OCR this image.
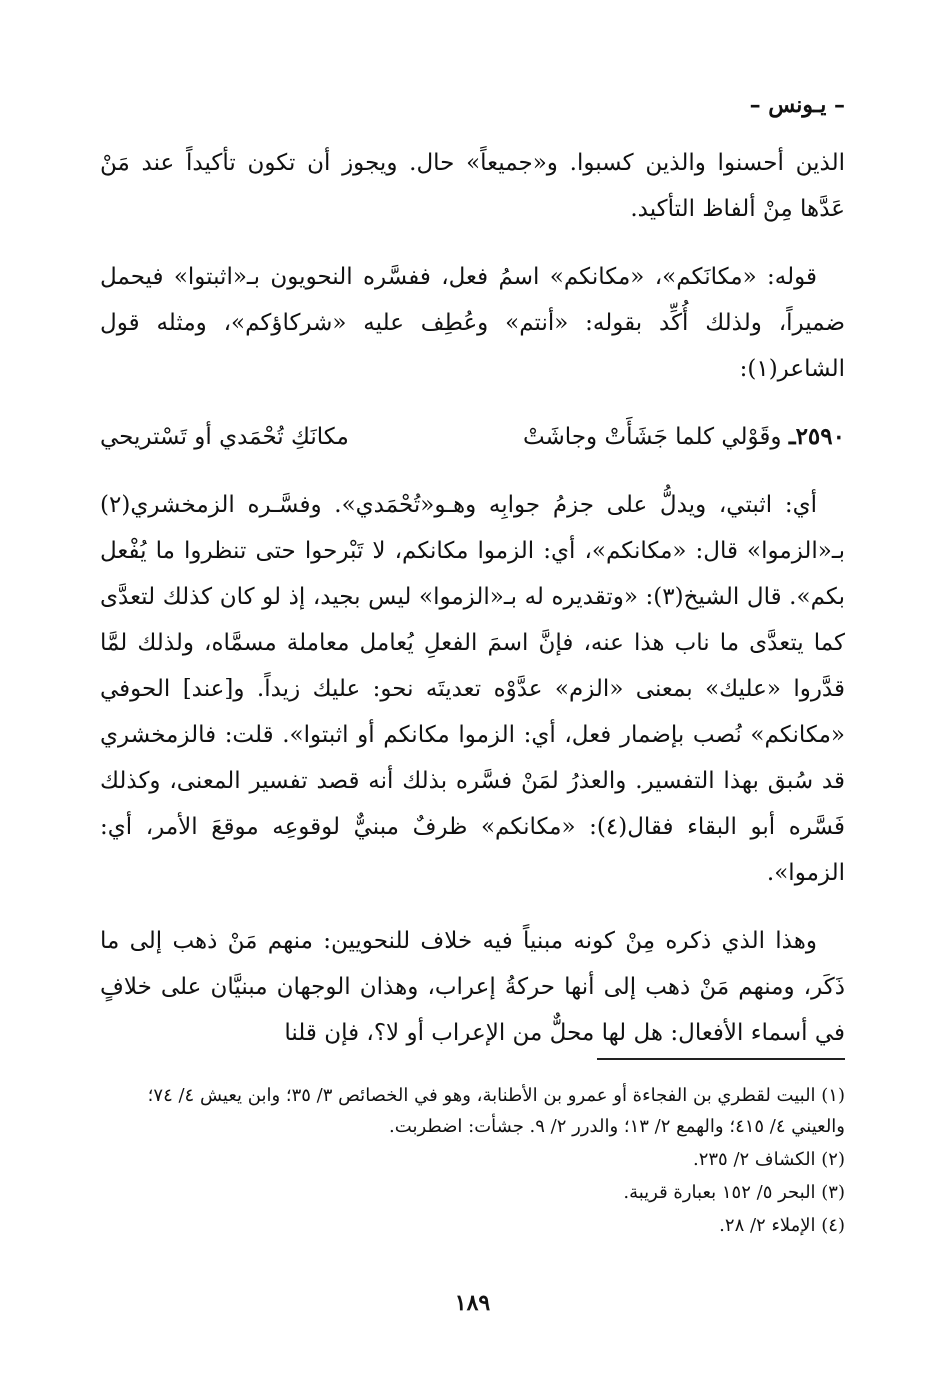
– يـونس –

الذين أحسنوا والذين كسبوا. و«جميعاً» حال. ويجوز أن تكون تأكيداً عند مَنْ عَدَّها مِنْ ألفاظ التأكيد.

قوله: «مكانَكم»، «مكانكم» اسمُ فعل، ففسَّره النحويون بـ«اثبتوا» فيحمل ضميراً، ولذلك أُكِّد بقوله: «أنتم» وعُطِف عليه «شركاؤكم»، ومثله قول الشاعر(١):

٢٥٩٠ـ وقَوْلي كلما جَشَأَتْ وجاشَتْ
مكانَكِ تُحْمَدي أو تَسْتريحي

أي: اثبتي، ويدلُّ على جزمُ جوابِه وهـو«تُحْمَدي». وفسَّـره الزمخشري(٢) بـ«الزموا» قال: «مكانكم»، أي: الزموا مكانكم، لا تَبْرحوا حتى تنظروا ما يُفْعل بكم». قال الشيخ(٣): «وتقديره له بـ«الزموا» ليس بجيد، إذ لو كان كذلك لتعدَّى كما يتعدَّى ما ناب هذا عنه، فإنَّ اسمَ الفعلِ يُعامل معاملة مسمَّاه، ولذلك لمَّا قدَّروا «عليك» بمعنى «الزم» عدَّوْه تعديتَه نحو: عليك زيداً. و[عند] الحوفي «مكانكم» نُصب بإضمار فعل، أي: الزموا مكانكم أو اثبتوا». قلت: فالزمخشري قد سُبق بهذا التفسير. والعذرُ لمَنْ فسَّره بذلك أنه قصد تفسير المعنى، وكذلك فَسَّره أبو البقاء فقال(٤): «مكانكم» ظرفٌ مبنيٌّ لوقوعِه موقعَ الأمر، أي: الزموا».

وهذا الذي ذكره مِنْ كونه مبنياً فيه خلاف للنحويين: منهم مَنْ ذهب إلى ما ذَكَر، ومنهم مَنْ ذهب إلى أنها حركةُ إعراب، وهذان الوجهان مبنيَّان على خلافٍ في أسماء الأفعال: هل لها محلٌّ من الإعراب أو لا؟، فإن قلنا

(١) البيت لقطري بن الفجاءة أو عمرو بن الأطنابة، وهو في الخصائص ٣/ ٣٥؛ وابن يعيش ٤/ ٧٤؛ والعيني ٤/ ٤١٥؛ والهمع ٢/ ١٣؛ والدرر ٢/ ٩. جشأت: اضطربت.
(٢) الكشاف ٢/ ٢٣٥.
(٣) البحر ٥/ ١٥٢ بعبارة قريبة.
(٤) الإملاء ٢/ ٢٨.
١٨٩
